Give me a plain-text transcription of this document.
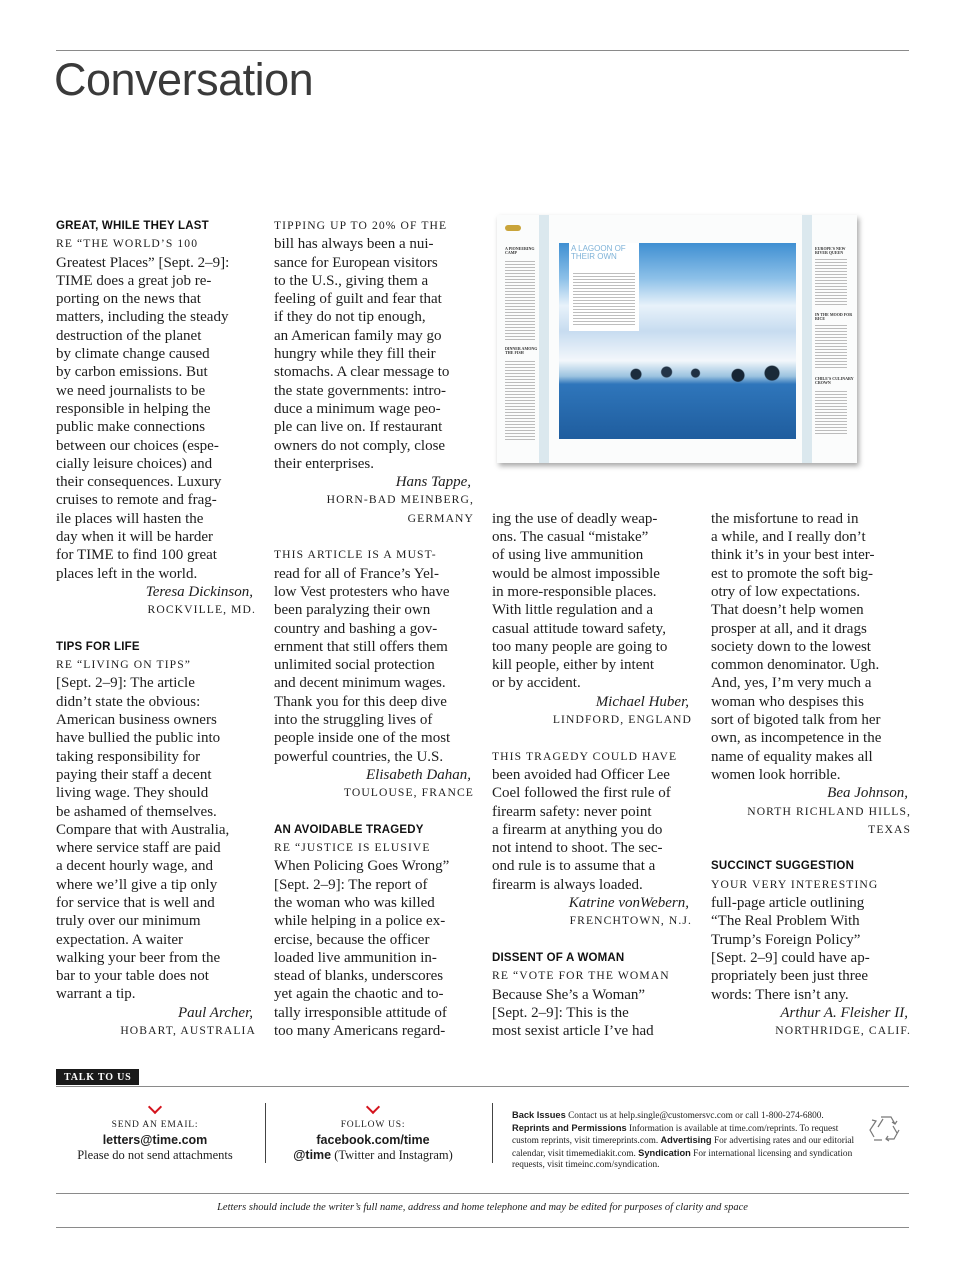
Conversation
GREAT, WHILE THEY LAST
RE “THE WORLD’S 100
Greatest Places” [Sept. 2–9]:
TIME does a great job re-
porting on the news that
matters, including the steady
destruction of the planet
by climate change caused
by carbon emissions. But
we need journalists to be
responsible in helping the
public make connections
between our choices (espe-
cially leisure choices) and
their consequences. Luxury
cruises to remote and frag-
ile places will hasten the
day when it will be harder
for TIME to find 100 great
places left in the world.
Teresa Dickinson,
ROCKVILLE, MD.
TIPS FOR LIFE
RE “LIVING ON TIPS”
[Sept. 2–9]: The article
didn’t state the obvious:
American business owners
have bullied the public into
taking responsibility for
paying their staff a decent
living wage. They should
be ashamed of themselves.
Compare that with Australia,
where service staff are paid
a decent hourly wage, and
where we’ll give a tip only
for service that is well and
truly over our minimum
expectation. A waiter
walking your beer from the
bar to your table does not
warrant a tip.
Paul Archer,
HOBART, AUSTRALIA
TIPPING UP TO 20% OF THE
bill has always been a nui-
sance for European visitors
to the U.S., giving them a
feeling of guilt and fear that
if they do not tip enough,
an American family may go
hungry while they fill their
stomachs. A clear message to
the state governments: intro-
duce a minimum wage peo-
ple can live on. If restaurant
owners do not comply, close
their enterprises.
Hans Tappe,
HORN-BAD MEINBERG,
GERMANY
THIS ARTICLE IS A MUST-
read for all of France’s Yel-
low Vest protesters who have
been paralyzing their own
country and bashing a gov-
ernment that still offers them
unlimited social protection
and decent minimum wages.
Thank you for this deep dive
into the struggling lives of
people inside one of the most
powerful countries, the U.S.
Elisabeth Dahan,
TOULOUSE, FRANCE
AN AVOIDABLE TRAGEDY
RE “JUSTICE IS ELUSIVE
When Policing Goes Wrong”
[Sept. 2–9]: The report of
the woman who was killed
while helping in a police ex-
ercise, because the officer
loaded live ammunition in-
stead of blanks, underscores
yet again the chaotic and to-
tally irresponsible attitude of
too many Americans regard-
ing the use of deadly weap-
ons. The casual “mistake”
of using live ammunition
would be almost impossible
in more-responsible places.
With little regulation and a
casual attitude toward safety,
too many people are going to
kill people, either by intent
or by accident.
Michael Huber,
LINDFORD, ENGLAND
THIS TRAGEDY COULD HAVE
been avoided had Officer Lee
Coel followed the first rule of
firearm safety: never point
a firearm at anything you do
not intend to shoot. The sec-
ond rule is to assume that a
firearm is always loaded.
Katrine vonWebern,
FRENCHTOWN, N.J.
DISSENT OF A WOMAN
RE “VOTE FOR THE WOMAN
Because She’s a Woman”
[Sept. 2–9]: This is the
most sexist article I’ve had
the misfortune to read in
a while, and I really don’t
think it’s in your best inter-
est to promote the soft big-
otry of low expectations.
That doesn’t help women
prosper at all, and it drags
society down to the lowest
common denominator. Ugh.
And, yes, I’m very much a
woman who despises this
sort of bigoted talk from her
own, as incompetence in the
name of equality makes all
women look horrible.
Bea Johnson,
NORTH RICHLAND HILLS,
TEXAS
SUCCINCT SUGGESTION
YOUR VERY INTERESTING
full-page article outlining
“The Real Problem With
Trump’s Foreign Policy”
[Sept. 2–9] could have ap-
propriately been just three
words: There isn’t any.
Arthur A. Fleisher II,
NORTHRIDGE, CALIF.
A PIONEERING CAMP
DINNER AMONG THE FISH
A LAGOON OF THEIR OWN
EUROPE'S NEW RIVER QUEEN
IN THE MOOD FOR RICE
CHILE'S CULINARY CROWN
TALK TO US
SEND AN EMAIL:
letters@time.com
Please do not send attachments
FOLLOW US:
facebook.com/time
@time (Twitter and Instagram)
Back Issues Contact us at help.single@customersvc.com or call 1-800-274-6800. Reprints and Permissions Information is available at time.com/reprints. To request custom reprints, visit timereprints.com. Advertising For advertising rates and our editorial calendar, visit timemediakit.com. Syndication For international licensing and syndication requests, visit timeinc.com/syndication.
Letters should include the writer’s full name, address and home telephone and may be edited for purposes of clarity and space
